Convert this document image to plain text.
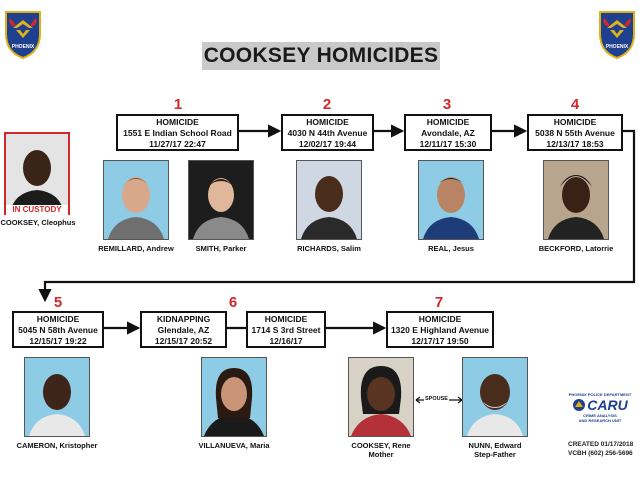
PHOENIX	PHOENIX
COOKSEY HOMICIDES
IN CUSTODY
COOKSEY, Cleophus
1	2	3	4
HOMICIDE
1551 E Indian School Road
11/27/17 22:47
HOMICIDE
4030 N 44th Avenue
12/02/17 19:44
HOMICIDE
Avondale, AZ
12/11/17 15:30
HOMICIDE
5038 N 55th Avenue
12/13/17 18:53
REMILLARD, Andrew	SMITH, Parker	RICHARDS, Salim	REAL, Jesus	BECKFORD, Latorrie
5	6	7
HOMICIDE
5045 N 58th Avenue
12/15/17 19:22
KIDNAPPING
Glendale, AZ
12/15/17 20:52
HOMICIDE
1714 S 3rd Street
12/16/17
HOMICIDE
1320 E Highland Avenue
12/17/17 19:50
SPOUSE
CAMERON, Kristopher	VILLANUEVA, Maria	COOKSEY, Rene
Mother
NUNN, Edward
Step-Father
PHOENIX POLICE DEPARTMENT
CARU
CRIME ANALYSIS
AND RESEARCH UNIT
CREATED 01/17/2018
VCBH (602) 256-5696
